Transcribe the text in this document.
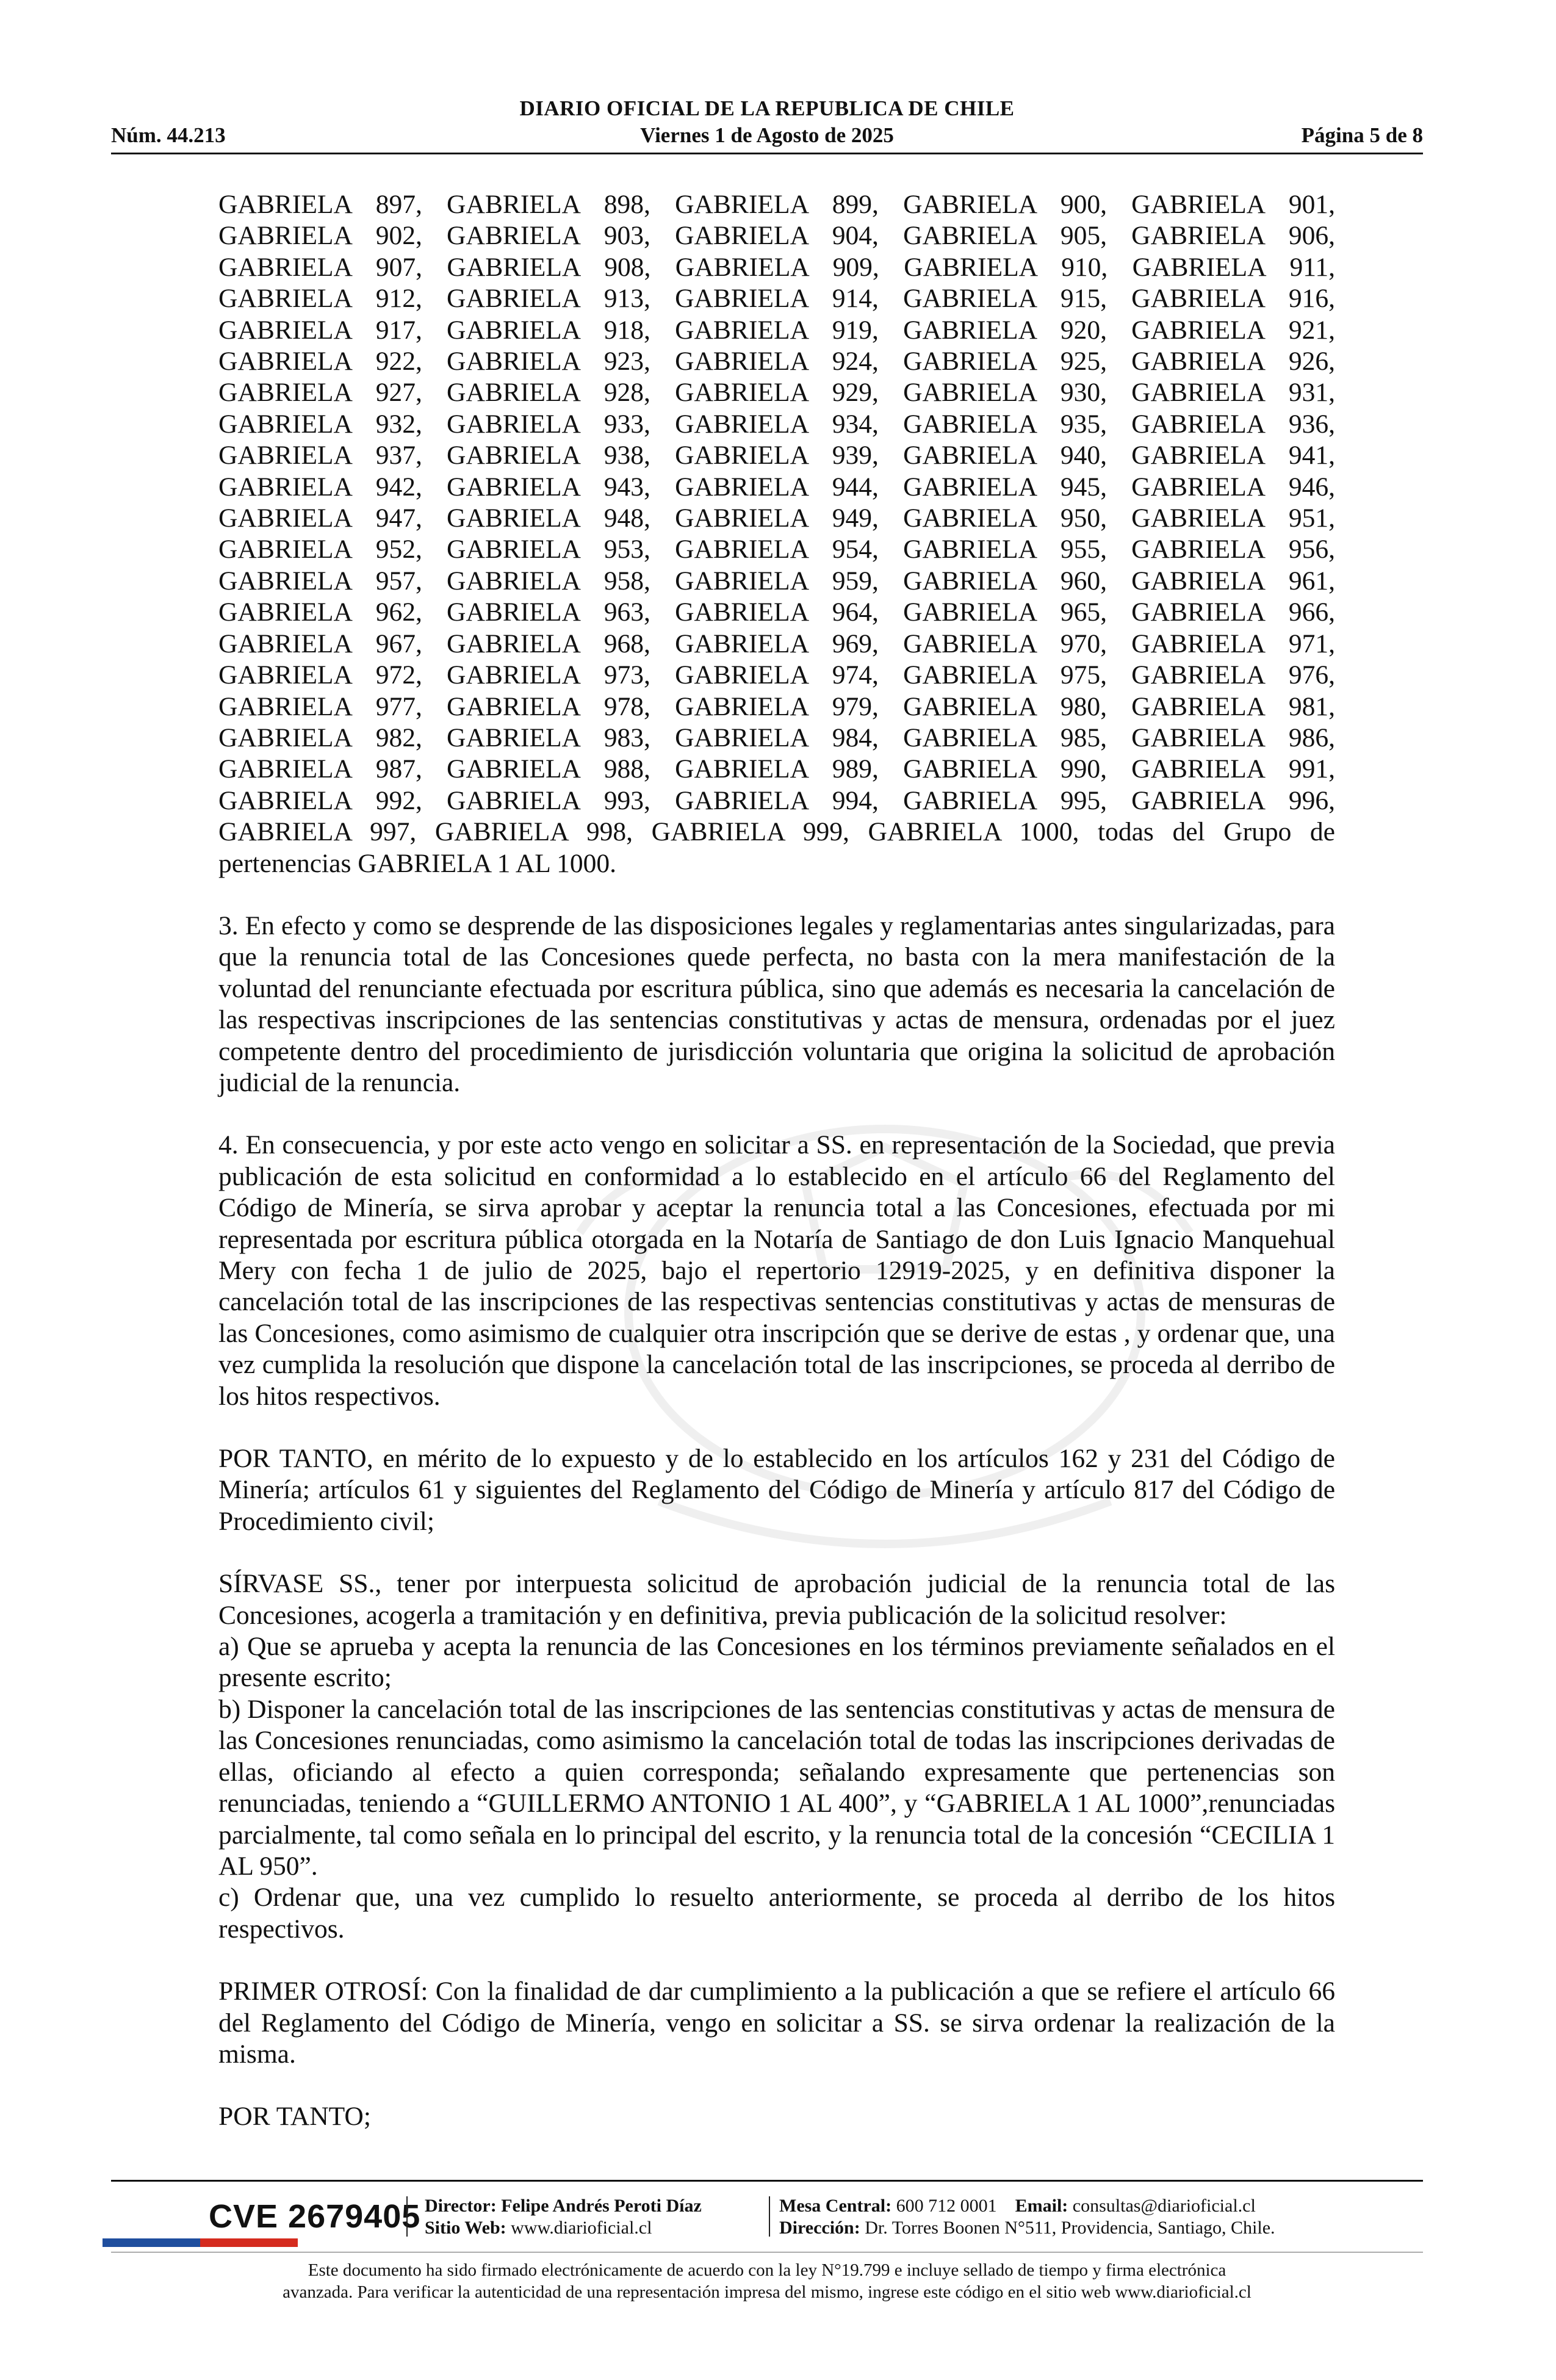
DIARIO OFICIAL DE LA REPUBLICA DE CHILE
Núm. 44.213	Viernes 1 de Agosto de 2025	Página 5 de 8

GABRIELA 897, GABRIELA 898, GABRIELA 899, GABRIELA 900, GABRIELA 901,
GABRIELA 902, GABRIELA 903, GABRIELA 904, GABRIELA 905, GABRIELA 906,
GABRIELA 907, GABRIELA 908, GABRIELA 909, GABRIELA 910, GABRIELA 911,
GABRIELA 912, GABRIELA 913, GABRIELA 914, GABRIELA 915, GABRIELA 916,
GABRIELA 917, GABRIELA 918, GABRIELA 919, GABRIELA 920, GABRIELA 921,
GABRIELA 922, GABRIELA 923, GABRIELA 924, GABRIELA 925, GABRIELA 926,
GABRIELA 927, GABRIELA 928, GABRIELA 929, GABRIELA 930, GABRIELA 931,
GABRIELA 932, GABRIELA 933, GABRIELA 934, GABRIELA 935, GABRIELA 936,
GABRIELA 937, GABRIELA 938, GABRIELA 939, GABRIELA 940, GABRIELA 941,
GABRIELA 942, GABRIELA 943, GABRIELA 944, GABRIELA 945, GABRIELA 946,
GABRIELA 947, GABRIELA 948, GABRIELA 949, GABRIELA 950, GABRIELA 951,
GABRIELA 952, GABRIELA 953, GABRIELA 954, GABRIELA 955, GABRIELA 956,
GABRIELA 957, GABRIELA 958, GABRIELA 959, GABRIELA 960, GABRIELA 961,
GABRIELA 962, GABRIELA 963, GABRIELA 964, GABRIELA 965, GABRIELA 966,
GABRIELA 967, GABRIELA 968, GABRIELA 969, GABRIELA 970, GABRIELA 971,
GABRIELA 972, GABRIELA 973, GABRIELA 974, GABRIELA 975, GABRIELA 976,
GABRIELA 977, GABRIELA 978, GABRIELA 979, GABRIELA 980, GABRIELA 981,
GABRIELA 982, GABRIELA 983, GABRIELA 984, GABRIELA 985, GABRIELA 986,
GABRIELA 987, GABRIELA 988, GABRIELA 989, GABRIELA 990, GABRIELA 991,
GABRIELA 992, GABRIELA 993, GABRIELA 994, GABRIELA 995, GABRIELA 996,
GABRIELA 997, GABRIELA 998, GABRIELA 999, GABRIELA 1000, todas del Grupo de
pertenencias GABRIELA 1 AL 1000.

3. En efecto y como se desprende de las disposiciones legales y reglamentarias antes singularizadas, para que la renuncia total de las Concesiones quede perfecta, no basta con la mera manifestación de la voluntad del renunciante efectuada por escritura pública, sino que además es necesaria la cancelación de las respectivas inscripciones de las sentencias constitutivas y actas de mensura, ordenadas por el juez competente dentro del procedimiento de jurisdicción voluntaria que origina la solicitud de aprobación judicial de la renuncia.

4. En consecuencia, y por este acto vengo en solicitar a SS. en representación de la Sociedad, que previa publicación de esta solicitud en conformidad a lo establecido en el artículo 66 del Reglamento del Código de Minería, se sirva aprobar y aceptar la renuncia total a las Concesiones, efectuada por mi representada por escritura pública otorgada en la Notaría de Santiago de don Luis Ignacio Manquehual Mery con fecha 1 de julio de 2025, bajo el repertorio 12919-2025, y en definitiva disponer la cancelación total de las inscripciones de las respectivas sentencias constitutivas y actas de mensuras de las Concesiones, como asimismo de cualquier otra inscripción que se derive de estas , y ordenar que, una vez cumplida la resolución que dispone la cancelación total de las inscripciones, se proceda al derribo de los hitos respectivos.

POR TANTO, en mérito de lo expuesto y de lo establecido en los artículos 162 y 231 del Código de Minería; artículos 61 y siguientes del Reglamento del Código de Minería y artículo 817 del Código de Procedimiento civil;

SÍRVASE SS., tener por interpuesta solicitud de aprobación judicial de la renuncia total de las Concesiones, acogerla a tramitación y en definitiva, previa publicación de la solicitud resolver:

a) Que se aprueba y acepta la renuncia de las Concesiones en los términos previamente señalados en el presente escrito;

b) Disponer la cancelación total de las inscripciones de las sentencias constitutivas y actas de mensura de las Concesiones renunciadas, como asimismo la cancelación total de todas las inscripciones derivadas de ellas, oficiando al efecto a quien corresponda; señalando expresamente que pertenencias son renunciadas, teniendo a “GUILLERMO ANTONIO 1 AL 400”, y “GABRIELA 1 AL 1000”,renunciadas parcialmente, tal como señala en lo principal del escrito, y la renuncia total de la concesión “CECILIA 1 AL 950”.

c) Ordenar que, una vez cumplido lo resuelto anteriormente, se proceda al derribo de los hitos respectivos.

PRIMER OTROSÍ: Con la finalidad de dar cumplimiento a la publicación a que se refiere el artículo 66 del Reglamento del Código de Minería, vengo en solicitar a SS. se sirva ordenar la realización de la misma.

POR TANTO;

CVE 2679405 Director: Felipe Andrés Peroti Díaz
Sitio Web: www.diarioficial.cl
Mesa Central: 600 712 0001 Email: consultas@diarioficial.cl
Dirección: Dr. Torres Boonen N°511, Providencia, Santiago, Chile.
Este documento ha sido firmado electrónicamente de acuerdo con la ley N°19.799 e incluye sellado de tiempo y firma electrónica
avanzada. Para verificar la autenticidad de una representación impresa del mismo, ingrese este código en el sitio web www.diarioficial.cl
